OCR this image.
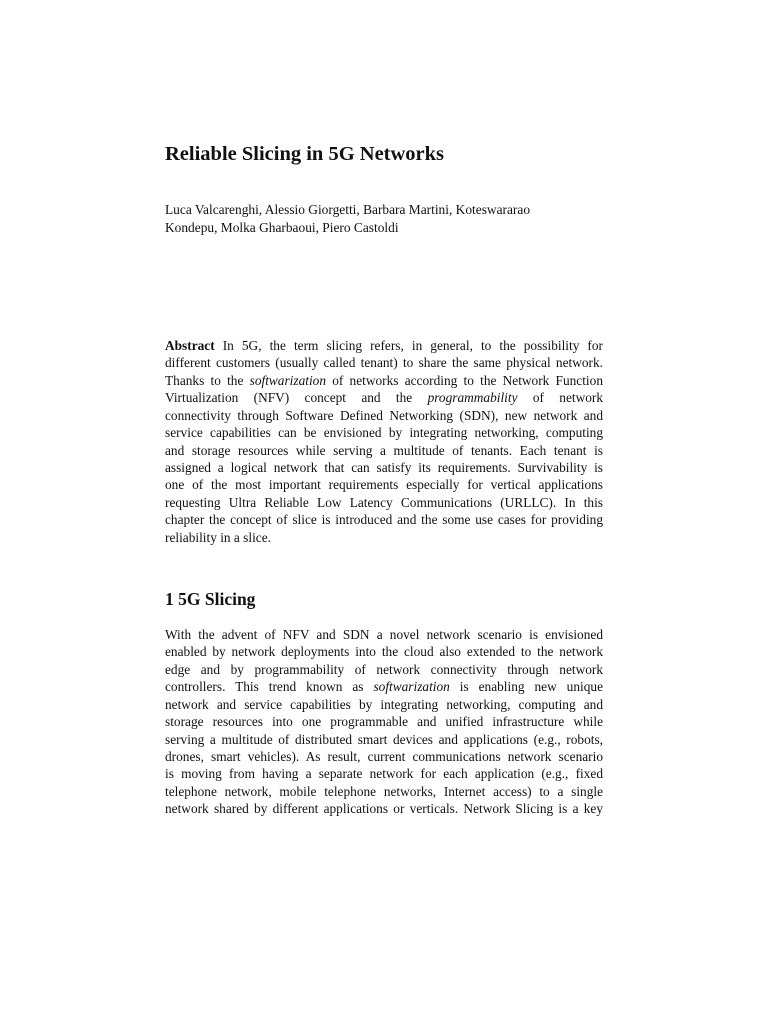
Reliable Slicing in 5G Networks
Luca Valcarenghi, Alessio Giorgetti, Barbara Martini, Koteswararao
Kondepu, Molka Gharbaoui, Piero Castoldi
Abstract In 5G, the term slicing refers, in general, to the possibility for
different customers (usually called tenant) to share the same physical network.
Thanks to the softwarization of networks according to the Network Function
Virtualization (NFV) concept and the programmability of network
connectivity through Software Defined Networking (SDN), new network and
service capabilities can be envisioned by integrating networking, computing
and storage resources while serving a multitude of tenants. Each tenant is
assigned a logical network that can satisfy its requirements. Survivability is
one of the most important requirements especially for vertical applications
requesting Ultra Reliable Low Latency Communications (URLLC). In this
chapter the concept of slice is introduced and the some use cases for providing
reliability in a slice.
1 5G Slicing
With the advent of NFV and SDN a novel network scenario is envisioned
enabled by network deployments into the cloud also extended to the network
edge and by programmability of network connectivity through network
controllers. This trend known as softwarization is enabling new unique
network and service capabilities by integrating networking, computing and
storage resources into one programmable and unified infrastructure while
serving a multitude of distributed smart devices and applications (e.g., robots,
drones, smart vehicles). As result, current communications network scenario
is moving from having a separate network for each application (e.g., fixed
telephone network, mobile telephone networks, Internet access) to a single
network shared by different applications or verticals. Network Slicing is a key
